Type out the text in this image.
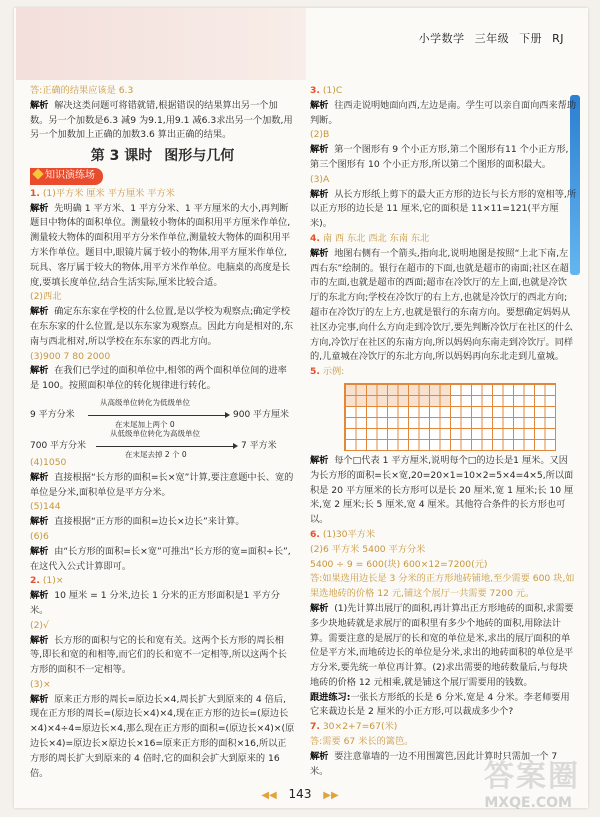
小学数学 三年级 下册 RJ
答:正确的结果应该是 6.3
解析 解决这类问题可将错就错,根据错误的结果算出另一个加数。另一个加数是6.3 减9 为9.1,用9.1 减6.3求出另一个加数,用另一个加数加上正确的加数3.6 算出正确的结果。
第 3 课时 图形与几何
知识演练场
1. (1)平方米 厘米 平方厘米 平方米
解析 先明确 1 平方米、1 平方分米、1 平方厘米的大小,再判断题目中物体的面积单位。测量较小物体的面积用平方厘米作单位,测量较大物体的面积用平方分米作单位,测量较大物体的面积用平方米作单位。题目中,眼镜片属于较小的物体,用平方厘米作单位,玩具、客厅属于较大的物体,用平方米作单位。电脑桌的高度是长度,要填长度单位,结合生活实际,厘米比较合适。
(2)西北
解析 确定东东家在学校的什么位置,是以学校为观察点;确定学校在东东家的什么位置,是以东东家为观察点。因此方向是相对的,东南与西北相对,所以学校在东东家的西北方向。
(3)900 7 80 2000
解析 在我们已学过的面积单位中,相邻的两个面积单位间的进率是 100。按照面积单位的转化规律进行转化。
9 平方分米
从高级单位转化为低级单位
在末尾加上两个 0
900 平方厘米
700 平方分米
从低级单位转化为高级单位
在末尾去掉 2 个 0
7 平方米
(4)1050
解析 直接根据“长方形的面积=长×宽”计算,要注意题中长、宽的单位是分米,面积单位是平方分米。
(5)144
解析 直接根据“正方形的面积=边长×边长”来计算。
(6)6
解析 由“长方形的面积=长×宽”可推出“长方形的宽=面积÷长”,在这代入公式计算即可。
2. (1)×
解析 10 厘米 = 1 分米,边长 1 分米的正方形面积是1 平方分米。
(2)√
解析 长方形的面积与它的长和宽有关。这两个长方形的周长相等,即长和宽的和相等,而它们的长和宽不一定相等,所以这两个长方形的面积不一定相等。
(3)×
解析 原来正方形的周长=原边长×4,周长扩大到原来的 4 倍后,现在正方形的周长=(原边长×4)×4,现在正方形的边长=(原边长×4)×4÷4=原边长×4,那么现在正方形的面积=(原边长×4)×(原边长×4)=原边长×原边长×16=原来正方形的面积×16,所以正方形的周长扩大到原来的 4 倍时,它的面积会扩大到原来的 16 倍。
3. (1)C
解析 往西走说明她面向西,左边是南。学生可以亲自面向西来帮助判断。
(2)B
解析 第一个图形有 9 个小正方形,第二个图形有11 个小正方形,第三个图形有 10 个小正方形,所以第二个图形的面积最大。
(3)A
解析 从长方形纸上剪下的最大正方形的边长与长方形的宽相等,所以正方形的边长是 11 厘米,它的面积是 11×11=121(平方厘米)。
4. 南 西 东北 西北 东南 东北
解析 地图右侧有一个箭头,指向北,说明地图是按照“上北下南,左西右东”绘制的。银行在超市的下面,也就是超市的南面;社区在超市的左面,也就是超市的西面;超市在冷饮厅的左上面,也就是冷饮厅的东北方向;学校在冷饮厅的右上方,也就是冷饮厅的西北方向;超市在冷饮厅的左上方,也就是银行的东南方向。要想确定妈妈从社区办完事,向什么方向走到冷饮厅,要先判断冷饮厅在社区的什么方向,冷饮厅在社区的东南方向,所以妈妈向东南走到冷饮厅。同样的,儿童城在冷饮厅的东北方向,所以妈妈再向东北走到儿童城。
5. 示例:
解析 每个□代表 1 平方厘米,说明每个□的边长是1 厘米。又因为长方形的面积=长×宽,20=20×1=10×2=5×4=4×5,所以面积是 20 平方厘米的长方形可以是长 20 厘米,宽 1 厘米;长 10 厘米,宽 2 厘米;长 5 厘米,宽 4 厘米。其他符合条件的长方形也可以。
6. (1)30平方米
(2)6 平方米 5400 平方分米
5400 ÷ 9 = 600(块) 600×12=7200(元)
答:如果选用边长是 3 分米的正方形地砖铺地,至少需要 600 块,如果选地砖的价格 12 元,铺这个展厅一共需要 7200 元。
解析 (1)先计算出展厅的面积,再计算出正方形地砖的面积,求需要多少块地砖就是求展厅的面积里有多少个地砖的面积,用除法计算。需要注意的是展厅的长和宽的单位是米,求出的展厅面积的单位是平方米,而地砖边长的单位是分米,求出的地砖面积的单位是平方分米,要先统一单位再计算。(2)求出需要的地砖数量后,与每块地砖的价格 12 元相乘,就是铺这个展厅需要用的钱数。
跟进练习:一张长方形纸的长是 6 分米,宽是 4 分米。李老师要用它来裁边长是 2 厘米的小正方形,可以裁成多少个?
7. 30×2+7=67(米)
答:需要 67 米长的篱笆。
解析 要注意靠墙的一边不用围篱笆,因此计算时只需加一个 7 米。
◀◀ 143 ▶▶
答案圈
MXQE.COM
